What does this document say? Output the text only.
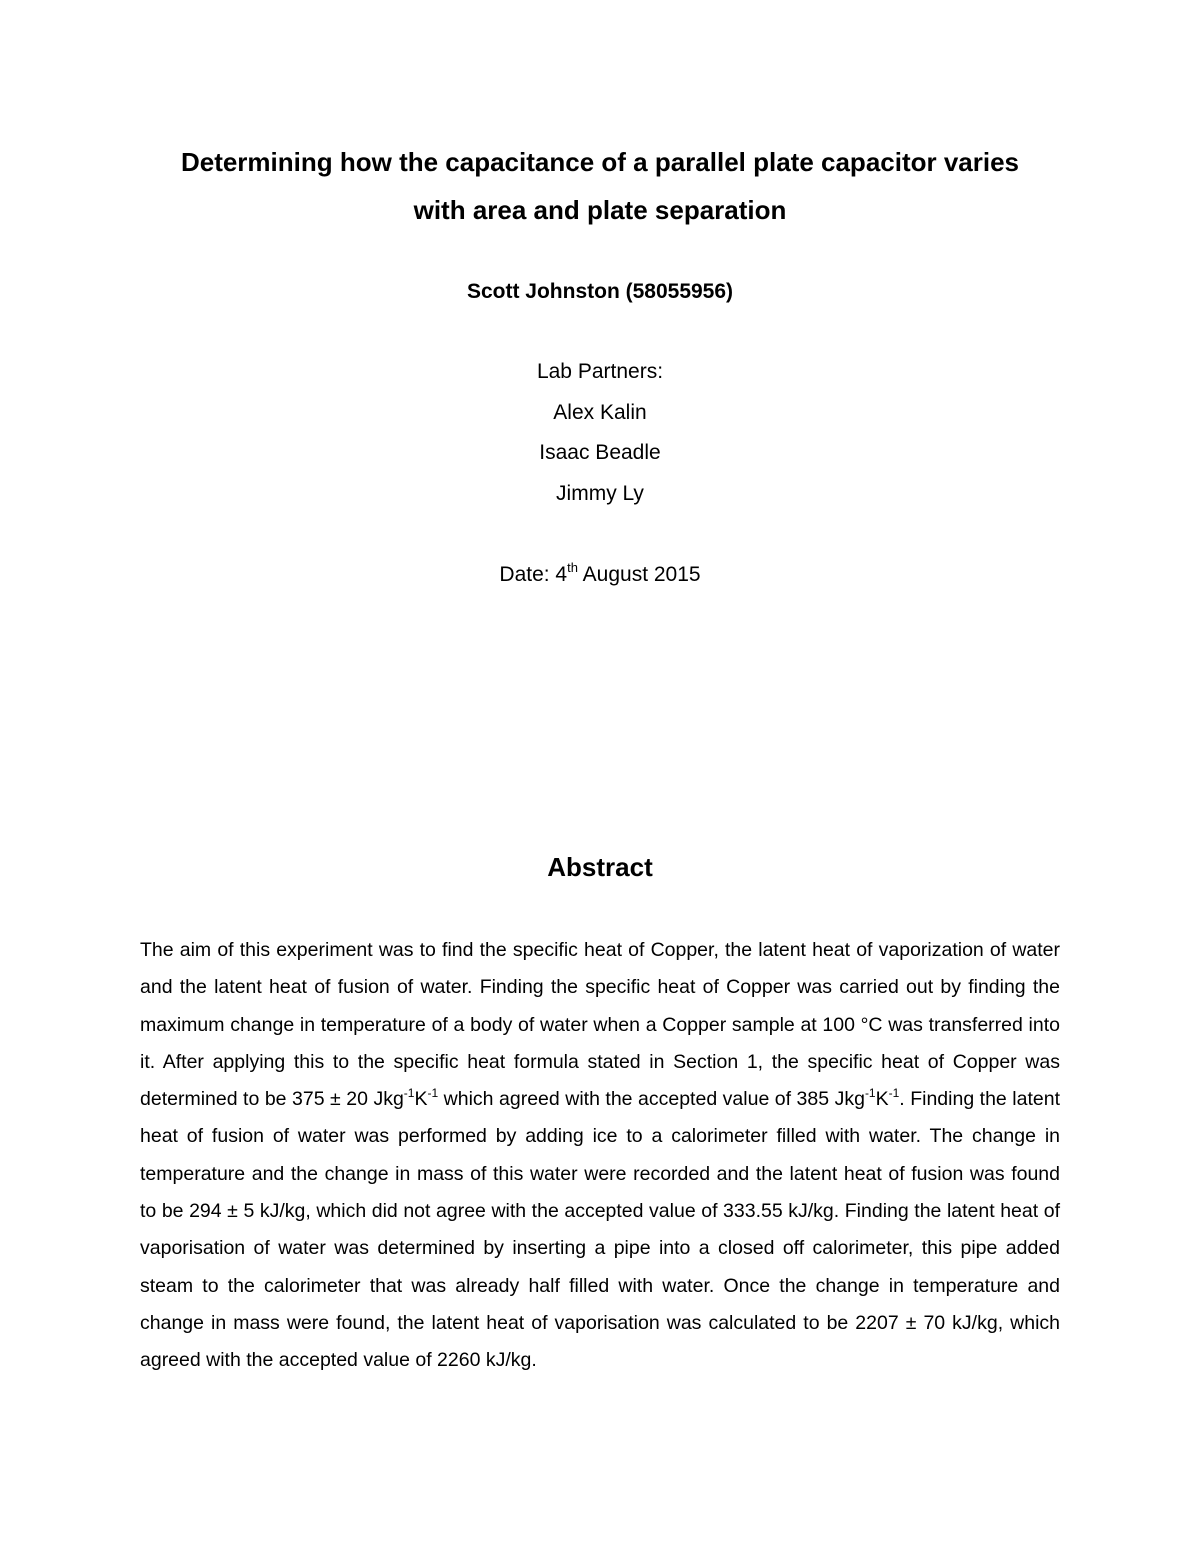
Determining how the capacitance of a parallel plate capacitor varies
with area and plate separation
Scott Johnston (58055956)
Lab Partners:
Alex Kalin
Isaac Beadle
Jimmy Ly
Date: 4th August 2015
Abstract
The aim of this experiment was to find the specific heat of Copper, the latent heat of vaporization of water and the latent heat of fusion of water. Finding the specific heat of Copper was carried out by finding the maximum change in temperature of a body of water when a Copper sample at 100 °C was transferred into it. After applying this to the specific heat formula stated in Section 1, the specific heat of Copper was determined to be 375 ± 20 $Jkg^{-1}K^{-1}$ which agreed with the accepted value of 385 $Jkg^{-1}K^{-1}$. Finding the latent heat of fusion of water was performed by adding ice to a calorimeter filled with water. The change in temperature and the change in mass of this water were recorded and the latent heat of fusion was found to be 294 ± 5 kJ/kg, which did not agree with the accepted value of 333.55 kJ/kg. Finding the latent heat of vaporisation of water was determined by inserting a pipe into a closed off calorimeter, this pipe added steam to the calorimeter that was already half filled with water. Once the change in temperature and change in mass were found, the latent heat of vaporisation was calculated to be 2207 ± 70 kJ/kg, which agreed with the accepted value of 2260 kJ/kg.
